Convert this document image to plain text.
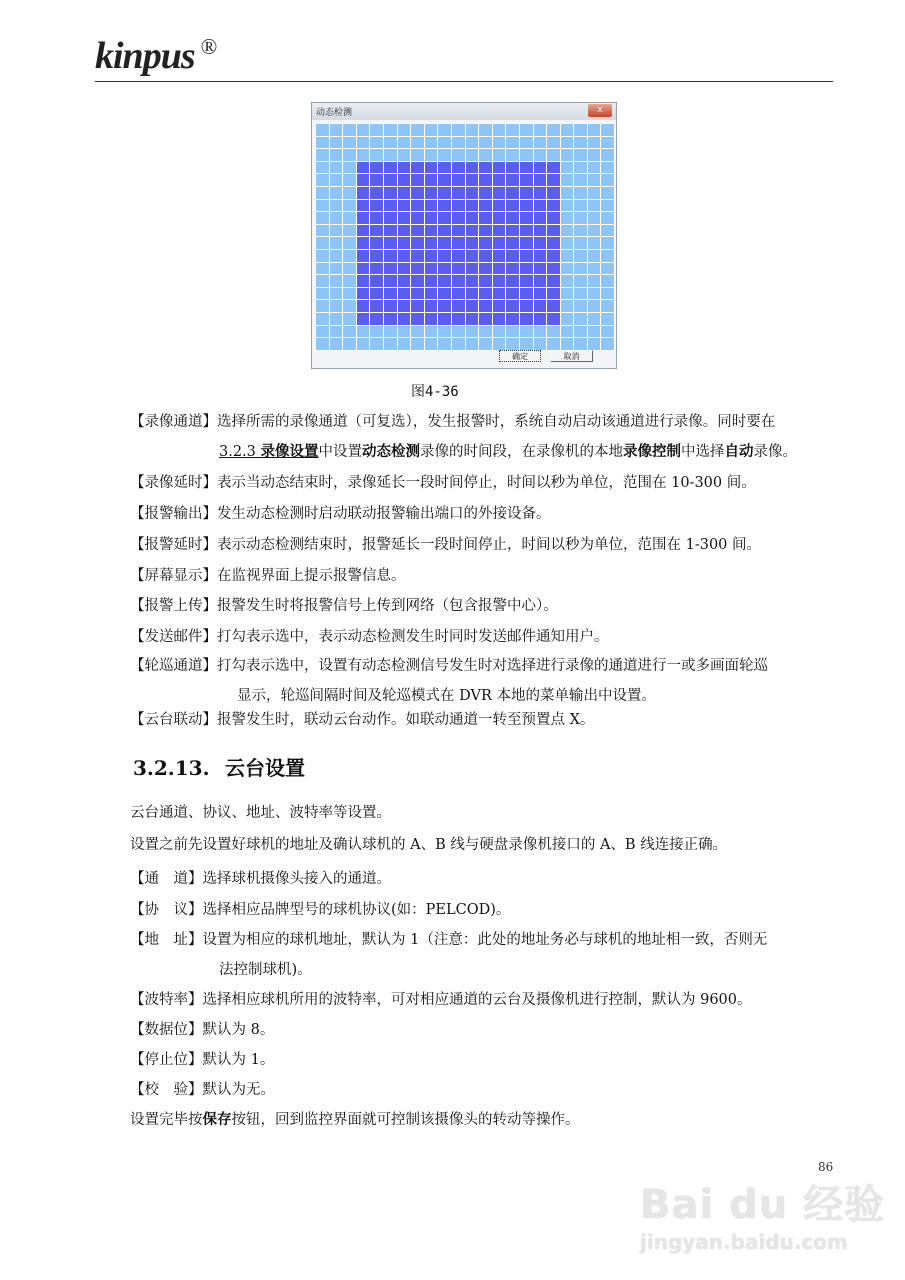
kinpus ®
动态检测	x
确定	取消
图4-36
【录像通道】选择所需的录像通道（可复选），发生报警时，系统自动启动该通道进行录像。同时要在
3.2.3 录像设置中设置动态检测录像的时间段，在录像机的本地录像控制中选择自动录像。
【录像延时】表示当动态结束时，录像延长一段时间停止，时间以秒为单位，范围在 10-300 间。
【报警输出】发生动态检测时启动联动报警输出端口的外接设备。
【报警延时】表示动态检测结束时，报警延长一段时间停止，时间以秒为单位，范围在 1-300 间。
【屏幕显示】在监视界面上提示报警信息。
【报警上传】报警发生时将报警信号上传到网络（包含报警中心）。
【发送邮件】打勾表示选中，表示动态检测发生时同时发送邮件通知用户。
【轮巡通道】打勾表示选中，设置有动态检测信号发生时对选择进行录像的通道进行一或多画面轮巡
显示，轮巡间隔时间及轮巡模式在 DVR 本地的菜单输出中设置。
【云台联动】报警发生时，联动云台动作。如联动通道一转至预置点 X。
3.2.13. 云台设置
云台通道、协议、地址、波特率等设置。
设置之前先设置好球机的地址及确认球机的 A、B 线与硬盘录像机接口的 A、B 线连接正确。
【通　道】选择球机摄像头接入的通道。
【协　议】选择相应品牌型号的球机协议(如：PELCOD)。
【地　址】设置为相应的球机地址，默认为 1（注意：此处的地址务必与球机的地址相一致，否则无
法控制球机)。
【波特率】选择相应球机所用的波特率，可对相应通道的云台及摄像机进行控制，默认为 9600。
【数据位】默认为 8。
【停止位】默认为 1。
【校　验】默认为无。
设置完毕按保存按钮，回到监控界面就可控制该摄像头的转动等操作。
86
Bai du 经验
jingyan.baidu.com
